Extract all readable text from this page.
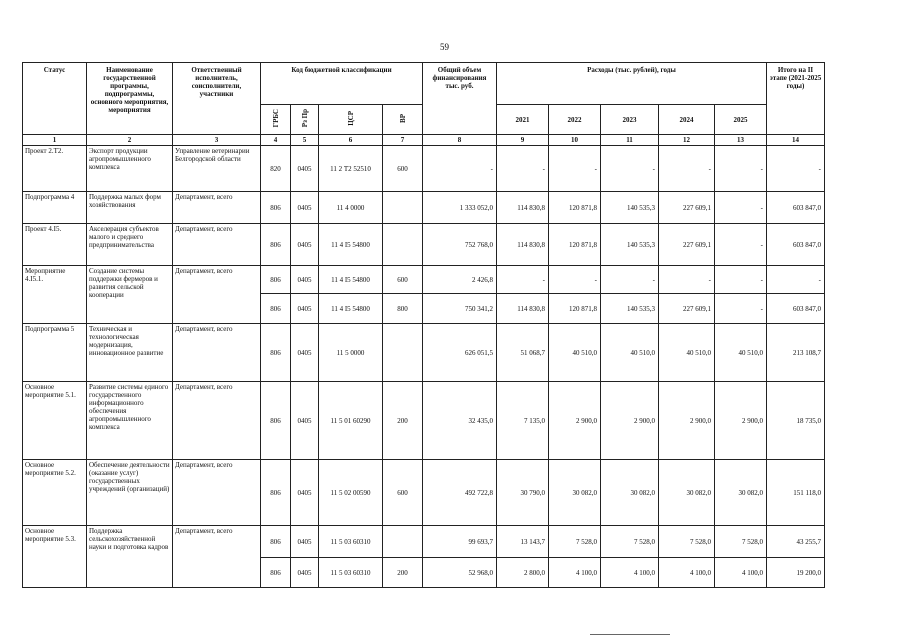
59
Статус	Наименование государственной программы, подпрограммы, основного мероприятия, мероприятия	Ответственный исполнитель, соисполнители, участники	Код бюджетной классификации				Общий объем финансирования тыс. руб.	Расходы (тыс. рублей), годы					Итого на II этапе (2021-2025 годы)
			ГРБС	Рз Пр	ЦСР	ВР		2021	2022	2023	2024	2025	
1	2	3	4	5	6	7	8	9	10	11	12	13	14
Проект 2.Т2.	Экспорт продукции агропромышленного комплекса	Управление ветеринарии Белгородской области	820	0405	11 2 Т2 52510	600	-	-	-	-	-	-	-
Подпрограмма 4	Поддержка малых форм хозяйствования	Департамент, всего	806	0405	11 4 0000		1 333 052,0	114 830,8	120 871,8	140 535,3	227 609,1	-	603 847,0
Проект 4.I5.	Акселерация субъектов малого и среднего предпринимательства	Департамент, всего	806	0405	11 4 I5 54800		752 768,0	114 830,8	120 871,8	140 535,3	227 609,1	-	603 847,0
Мероприятие 4.I5.1.	Создание системы поддержки фермеров и развития сельской кооперации	Департамент, всего	806	0405	11 4 I5 54800	600	2 426,8	-	-	-	-	-	-
			806	0405	11 4 I5 54800	800	750 341,2	114 830,8	120 871,8	140 535,3	227 609,1	-	603 847,0
Подпрограмма 5	Техническая и технологическая модернизация, инновационное развитие	Департамент, всего	806	0405	11 5 0000		626 051,5	51 068,7	40 510,0	40 510,0	40 510,0	40 510,0	213 108,7
Основное мероприятие 5.1.	Развитие системы единого государственного информационного обеспечения агропромышленного комплекса	Департамент, всего	806	0405	11 5 01 60290	200	32 435,0	7 135,0	2 900,0	2 900,0	2 900,0	2 900,0	18 735,0
Основное мероприятие 5.2.	Обеспечение деятельности (оказание услуг) государственных учреждений (организаций)	Департамент, всего	806	0405	11 5 02 00590	600	492 722,8	30 790,0	30 082,0	30 082,0	30 082,0	30 082,0	151 118,0
Основное мероприятие 5.3.	Поддержка сельскохозяйственной науки и подготовка кадров	Департамент, всего	806	0405	11 5 03 60310		99 693,7	13 143,7	7 528,0	7 528,0	7 528,0	7 528,0	43 255,7
			806	0405	11 5 03 60310	200	52 968,0	2 800,0	4 100,0	4 100,0	4 100,0	4 100,0	19 200,0
